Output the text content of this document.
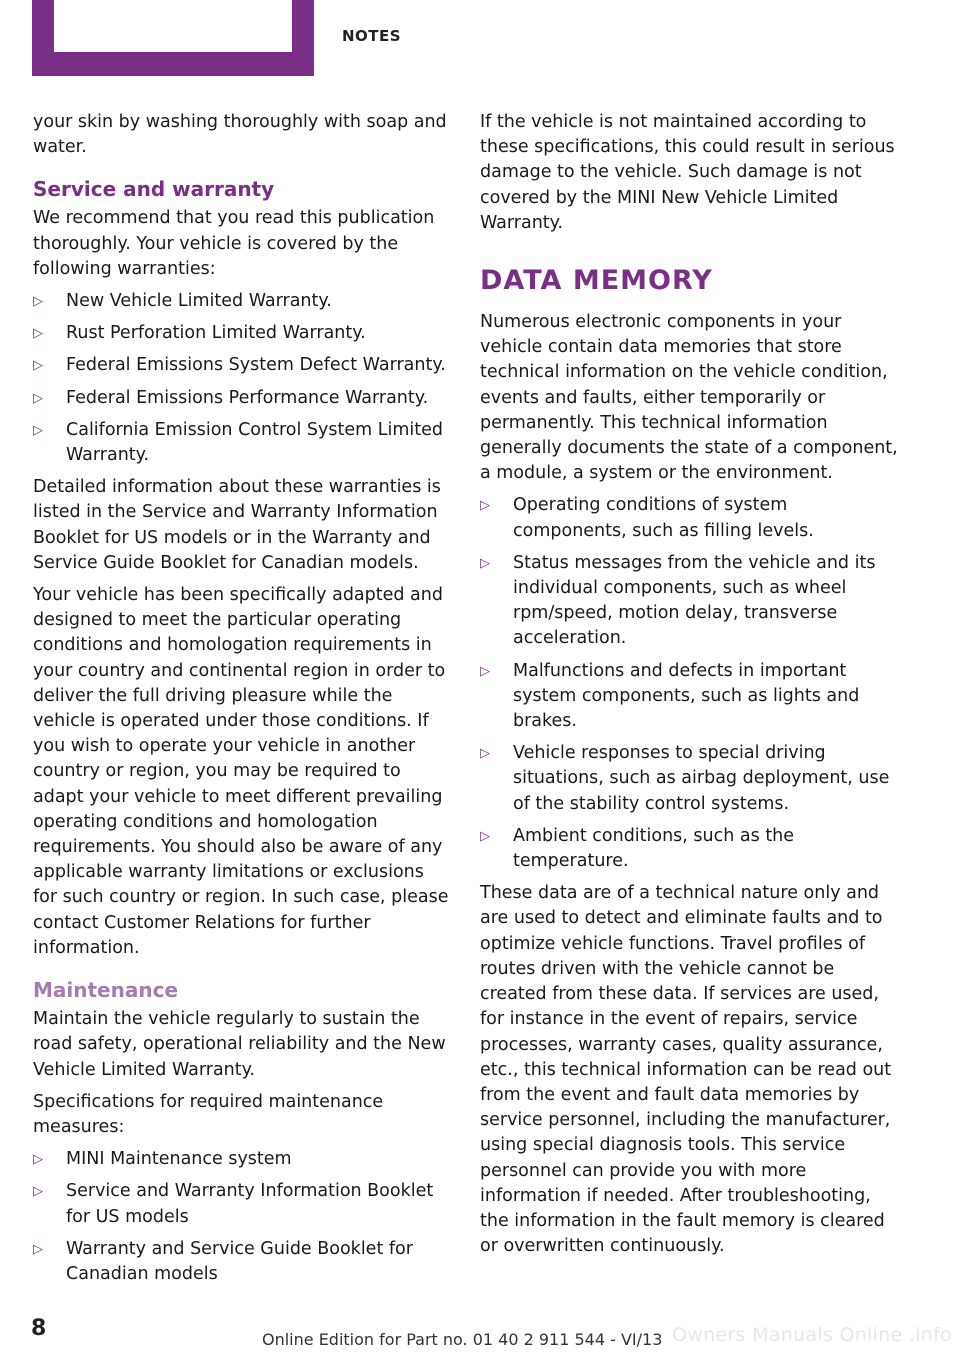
NOTES

your skin by washing thoroughly with soap and water.

Service and warranty

We recommend that you read this publication thoroughly. Your vehicle is covered by the following warranties:

▷ New Vehicle Limited Warranty.
▷ Rust Perforation Limited Warranty.
▷ Federal Emissions System Defect Warranty.
▷ Federal Emissions Performance Warranty.
▷ California Emission Control System Limited Warranty.

Detailed information about these warranties is listed in the Service and Warranty Information Booklet for US models or in the Warranty and Service Guide Booklet for Canadian models.

Your vehicle has been specifically adapted and designed to meet the particular operating conditions and homologation requirements in your country and continental region in order to deliver the full driving pleasure while the vehicle is operated under those conditions. If you wish to operate your vehicle in another country or region, you may be required to adapt your vehicle to meet different prevailing operating conditions and homologation requirements. You should also be aware of any applicable warranty limitations or exclusions for such country or region. In such case, please contact Customer Relations for further information.

Maintenance

Maintain the vehicle regularly to sustain the road safety, operational reliability and the New Vehicle Limited Warranty.

Specifications for required maintenance measures:

▷ MINI Maintenance system
▷ Service and Warranty Information Booklet for US models
▷ Warranty and Service Guide Booklet for Canadian models

If the vehicle is not maintained according to these specifications, this could result in serious damage to the vehicle. Such damage is not covered by the MINI New Vehicle Limited Warranty.

DATA MEMORY

Numerous electronic components in your vehicle contain data memories that store technical information on the vehicle condition, events and faults, either temporarily or permanently. This technical information generally documents the state of a component, a module, a system or the environment.

▷ Operating conditions of system components, such as filling levels.
▷ Status messages from the vehicle and its individual components, such as wheel rpm/speed, motion delay, transverse acceleration.
▷ Malfunctions and defects in important system components, such as lights and brakes.
▷ Vehicle responses to special driving situations, such as airbag deployment, use of the stability control systems.
▷ Ambient conditions, such as the temperature.

These data are of a technical nature only and are used to detect and eliminate faults and to optimize vehicle functions. Travel profiles of routes driven with the vehicle cannot be created from these data. If services are used, for instance in the event of repairs, service processes, warranty cases, quality assurance, etc., this technical information can be read out from the event and fault data memories by service personnel, including the manufacturer, using special diagnosis tools. This service personnel can provide you with more information if needed. After troubleshooting, the information in the fault memory is cleared or overwritten continuously.

8	Online Edition for Part no. 01 40 2 911 544 - VI/13 Owners Manuals Online .info
